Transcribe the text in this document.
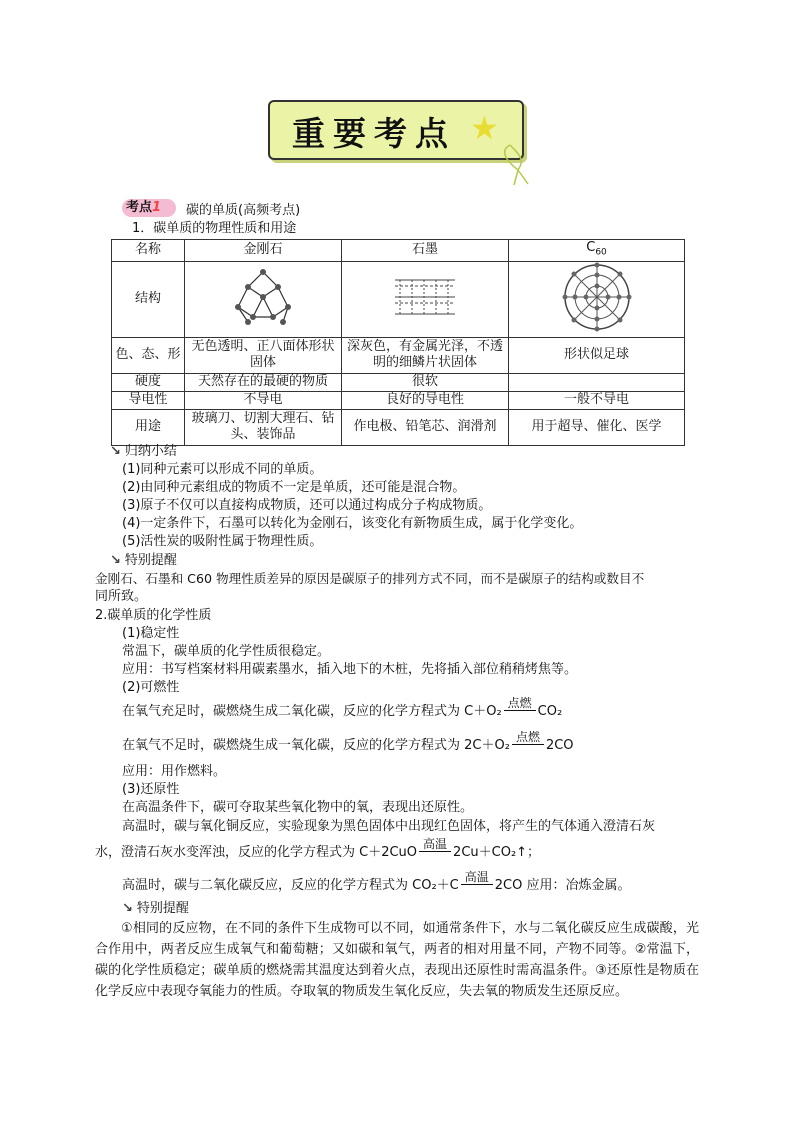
重要考点 ★
考点1	碳的单质(高频考点)
1．碳单质的物理性质和用途
名称	金刚石	石墨	$C_{60}$
结构			
色、态、形	无色透明、正八面体形状固体	深灰色，有金属光泽，不透明的细鳞片状固体	形状似足球
硬度	天然存在的最硬的物质	很软	
导电性	不导电	良好的导电性	一般不导电
用途	玻璃刀、切割大理石、钻头、装饰品	作电极、铅笔芯、润滑剂	用于超导、催化、医学
↘ 归纳小结
(1)同种元素可以形成不同的单质。
(2)由同种元素组成的物质不一定是单质，还可能是混合物。
(3)原子不仅可以直接构成物质，还可以通过构成分子构成物质。
(4)一定条件下，石墨可以转化为金刚石，该变化有新物质生成，属于化学变化。
(5)活性炭的吸附性属于物理性质。
↘ 特别提醒
金刚石、石墨和 C60 物理性质差异的原因是碳原子的排列方式不同，而不是碳原子的结构或数目不
同所致。
2.碳单质的化学性质
(1)稳定性
常温下，碳单质的化学性质很稳定。
应用：书写档案材料用碳素墨水，插入地下的木桩，先将插入部位稍稍烤焦等。
(2)可燃性
在氧气充足时，碳燃烧生成二氧化碳，反应的化学方程式为 C＋O₂
点燃
CO₂
在氧气不足时，碳燃烧生成一氧化碳，反应的化学方程式为 2C＋O₂
点燃
2CO
应用：用作燃料。
(3)还原性
在高温条件下，碳可夺取某些氧化物中的氧，表现出还原性。
高温时，碳与氧化铜反应，实验现象为黑色固体中出现红色固体，将产生的气体通入澄清石灰
水，澄清石灰水变浑浊，反应的化学方程式为 C＋2CuO
高温
2Cu＋CO₂↑；
高温时，碳与二氧化碳反应，反应的化学方程式为 CO₂＋C
高温
2CO 应用：冶炼金属。
↘ 特别提醒
①相同的反应物，在不同的条件下生成物可以不同，如通常条件下，水与二氧化碳反应生成碳酸，光合作用中，两者反应生成氧气和葡萄糖；又如碳和氧气，两者的相对用量不同，产物不同等。②常温下，碳的化学性质稳定；碳单质的燃烧需其温度达到着火点，表现出还原性时需高温条件。③还原性是物质在化学反应中表现夺氧能力的性质。夺取氧的物质发生氧化反应，失去氧的物质发生还原反应。
